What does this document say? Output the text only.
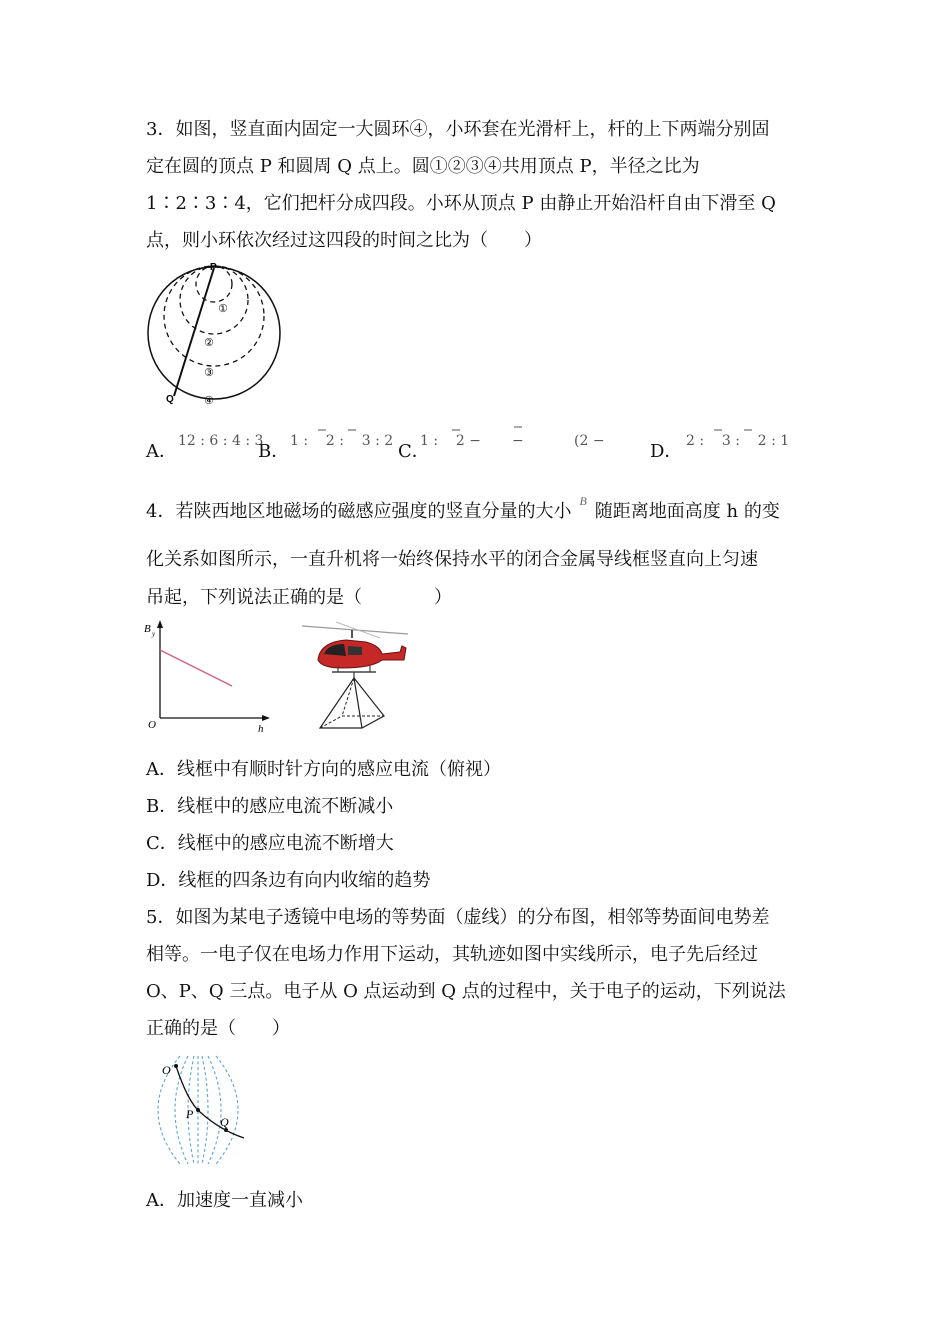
3．如图，竖直面内固定一大圆环④，小环套在光滑杆上，杆的上下两端分别固
定在圆的顶点 P 和圆周 Q 点上。圆①②③④共用顶点 P，半径之比为
1∶2∶3∶4，它们把杆分成四段。小环从顶点 P 由静止开始沿杆自由下滑至 Q
点，则小环依次经过这四段的时间之比为（　　）
P
Q
①
②
③
④
A． 12 : 6 : 4 : 3
B． 1 :    2 :    3 : 2 C．
1 :    2 − −	(2 −	D． 2 :    3 :    2 : 1
4．若陕西地区地磁场的磁感应强度的竖直分量的大小 $^B$ 随距离地面高度 h 的变
化关系如图所示，一直升机将一始终保持水平的闭合金属导线框竖直向上匀速
吊起，下列说法正确的是（　　　　）
B y
h
O
A．线框中有顺时针方向的感应电流（俯视）
B．线框中的感应电流不断减小
C．线框中的感应电流不断增大
D．线框的四条边有向内收缩的趋势
5．如图为某电子透镜中电场的等势面（虚线）的分布图，相邻等势面间电势差
相等。一电子仅在电场力作用下运动，其轨迹如图中实线所示，电子先后经过
O、P、Q 三点。电子从 O 点运动到 Q 点的过程中，关于电子的运动，下列说法
正确的是（　　）
O
P
Q
A．加速度一直减小
